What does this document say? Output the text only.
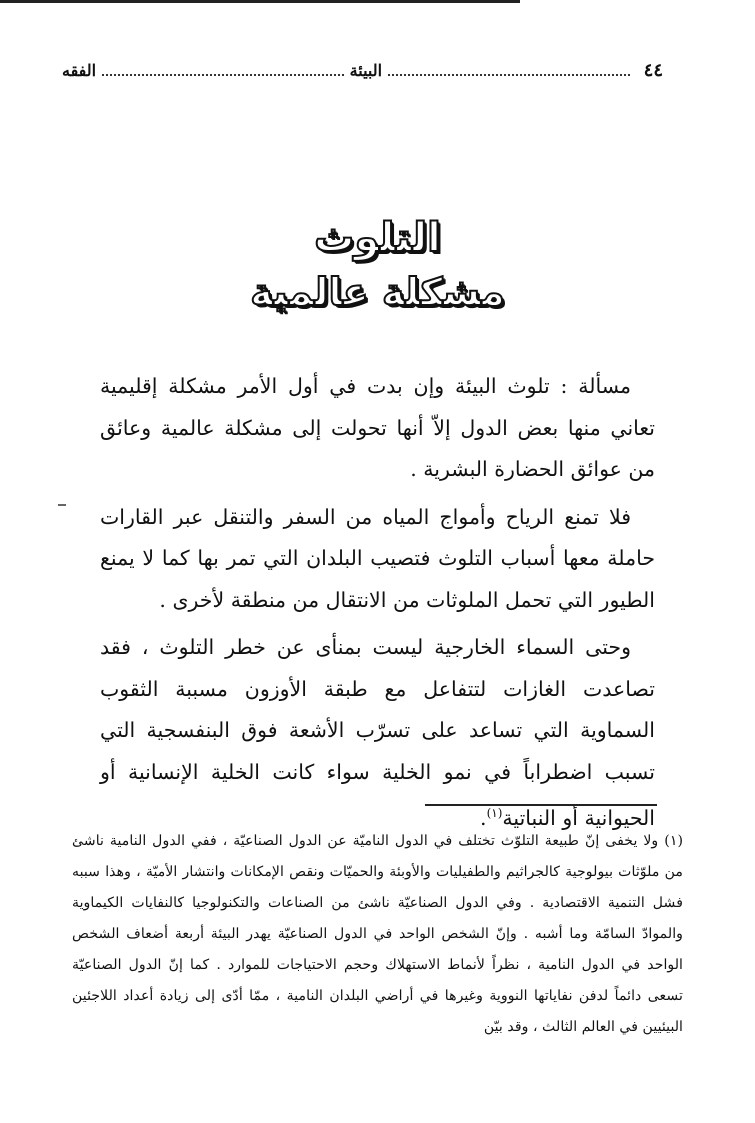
٤٤
البيئة
الفقه
التلوث
مشكلة عالمية

مسألة : تلوث البيئة وإن بدت في أول الأمر مشكلة إقليمية تعاني منها بعض الدول إلاّ أنها تحولت إلى مشكلة عالمية وعائق من عوائق الحضارة البشرية .

فلا تمنع الرياح وأمواج المياه من السفر والتنقل عبر القارات حاملة معها أسباب التلوث فتصيب البلدان التي تمر بها كما لا يمنع الطيور التي تحمل الملوثات من الانتقال من منطقة لأخرى .

وحتى السماء الخارجية ليست بمنأى عن خطر التلوث ، فقد تصاعدت الغازات لتتفاعل مع طبقة الأوزون مسببة الثقوب السماوية التي تساعد على تسرّب الأشعة فوق البنفسجية التي تسبب اضطراباً في نمو الخلية سواء كانت الخلية الإنسانية أو الحيوانية أو النباتية$^{(١)}$.

(١)ولا يخفى إنّ طبيعة التلوّث تختلف في الدول الناميّة عن الدول الصناعيّة ، ففي الدول النامية ناشئ من ملوّثات بيولوجية كالجراثيم والطفيليات والأوبئة والحميّات ونقص الإمكانات وانتشار الأميّة ، وهذا سببه فشل التنمية الاقتصادية . وفي الدول الصناعيّة ناشئ من الصناعات والتكنولوجيا كالنفايات الكيماوية والموادّ السامّة وما أشبه . وإنّ الشخص الواحد في الدول الصناعيّة يهدر البيئة أربعة أضعاف الشخص الواحد في الدول النامية ، نظراً لأنماط الاستهلاك وحجم الاحتياجات للموارد . كما إنّ الدول الصناعيّة تسعى دائماً لدفن نفاياتها النووية وغيرها في أراضي البلدان النامية ، ممّا أدّى إلى زيادة أعداد اللاجئين البيئيين في العالم الثالث ، وقد بيّن
